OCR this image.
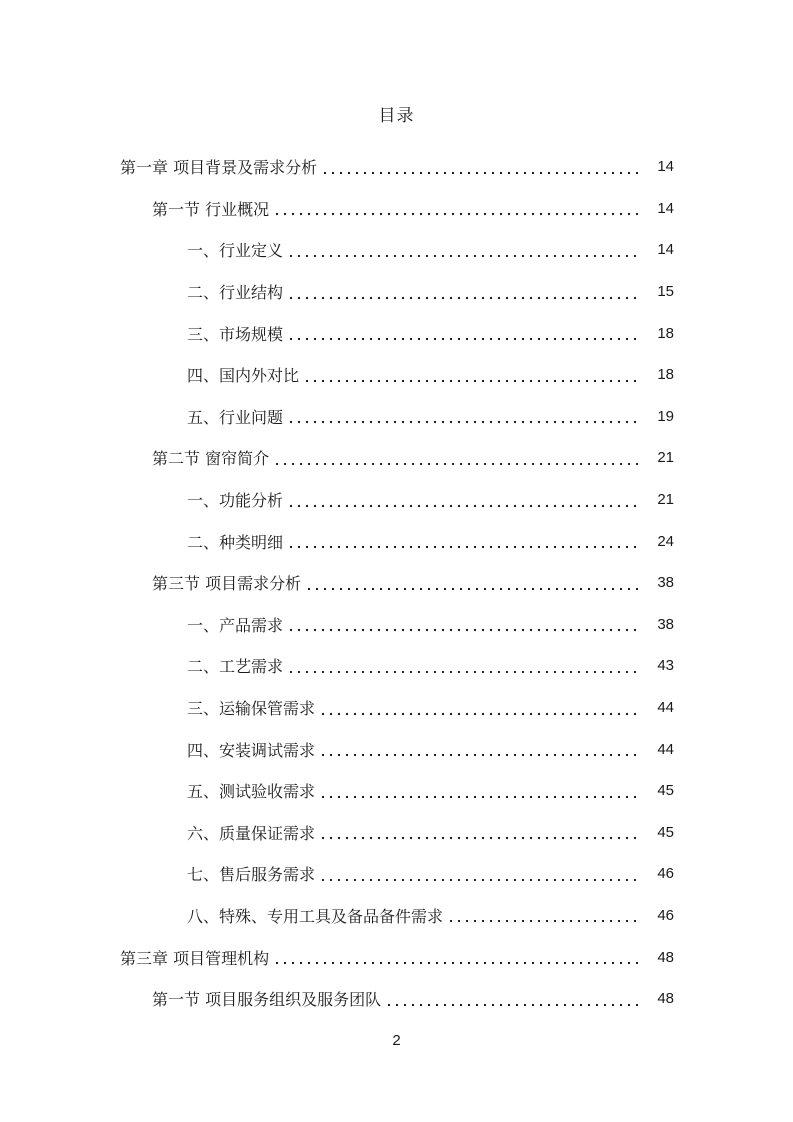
目录
第一章 项目背景及需求分析	14
第一节 行业概况	14
一、行业定义	14
二、行业结构	15
三、市场规模	18
四、国内外对比	18
五、行业问题	19
第二节 窗帘简介	21
一、功能分析	21
二、种类明细	24
第三节 项目需求分析	38
一、产品需求	38
二、工艺需求	43
三、运输保管需求	44
四、安装调试需求	44
五、测试验收需求	45
六、质量保证需求	45
七、售后服务需求	46
八、特殊、专用工具及备品备件需求	46
第三章 项目管理机构	48
第一节 项目服务组织及服务团队	48
2
